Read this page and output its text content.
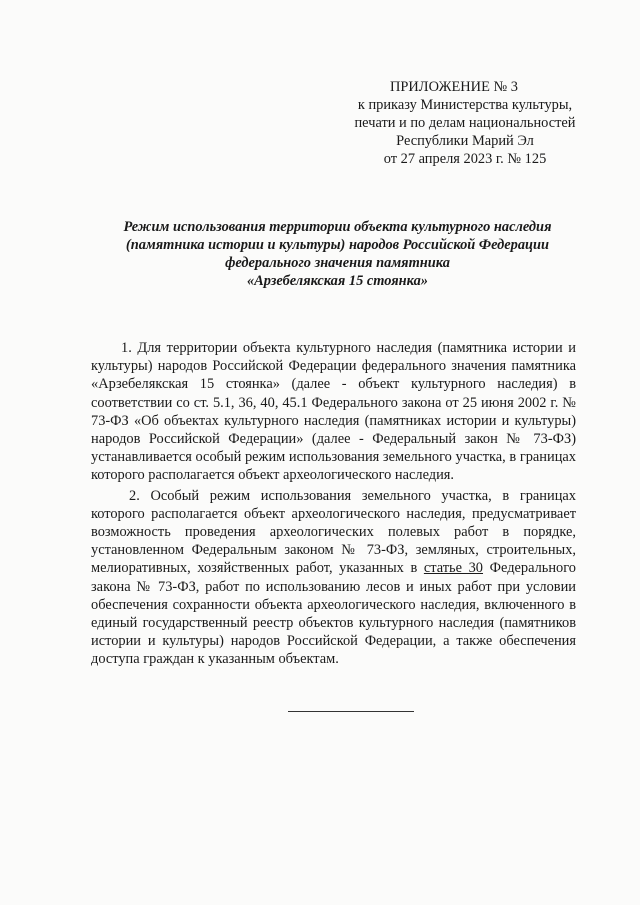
ПРИЛОЖЕНИЕ № 3
к приказу Министерства культуры,
печати и по делам национальностей
Республики Марий Эл
от 27 апреля 2023 г. № 125
Режим использования территории объекта культурного наследия
(памятника истории и культуры) народов Российской Федерации
федерального значения памятника
«Арзебелякская 15 стоянка»

1. Для территории объекта культурного наследия (памятника истории и культуры) народов Российской Федерации федерального значения памятника «Арзебелякская 15 стоянка» (далее - объект культурного наследия) в соответствии со ст. 5.1, 36, 40, 45.1 Федерального закона от 25 июня 2002 г. № 73-ФЗ «Об объектах культурного наследия (памятниках истории и культуры) народов Российской Федерации» (далее - Федеральный закон № 73-ФЗ) устанавливается особый режим использования земельного участка, в границах которого располагается объект археологического наследия.

2. Особый режим использования земельного участка, в границах которого располагается объект археологического наследия, предусматривает возможность проведения археологических полевых работ в порядке, установленном Федеральным законом № 73-ФЗ, земляных, строительных, мелиоративных, хозяйственных работ, указанных в статье 30 Федерального закона № 73-ФЗ, работ по использованию лесов и иных работ при условии обеспечения сохранности объекта археологического наследия, включенного в единый государственный реестр объектов культурного наследия (памятников истории и культуры) народов Российской Федерации, а также обеспечения доступа граждан к указанным объектам.
